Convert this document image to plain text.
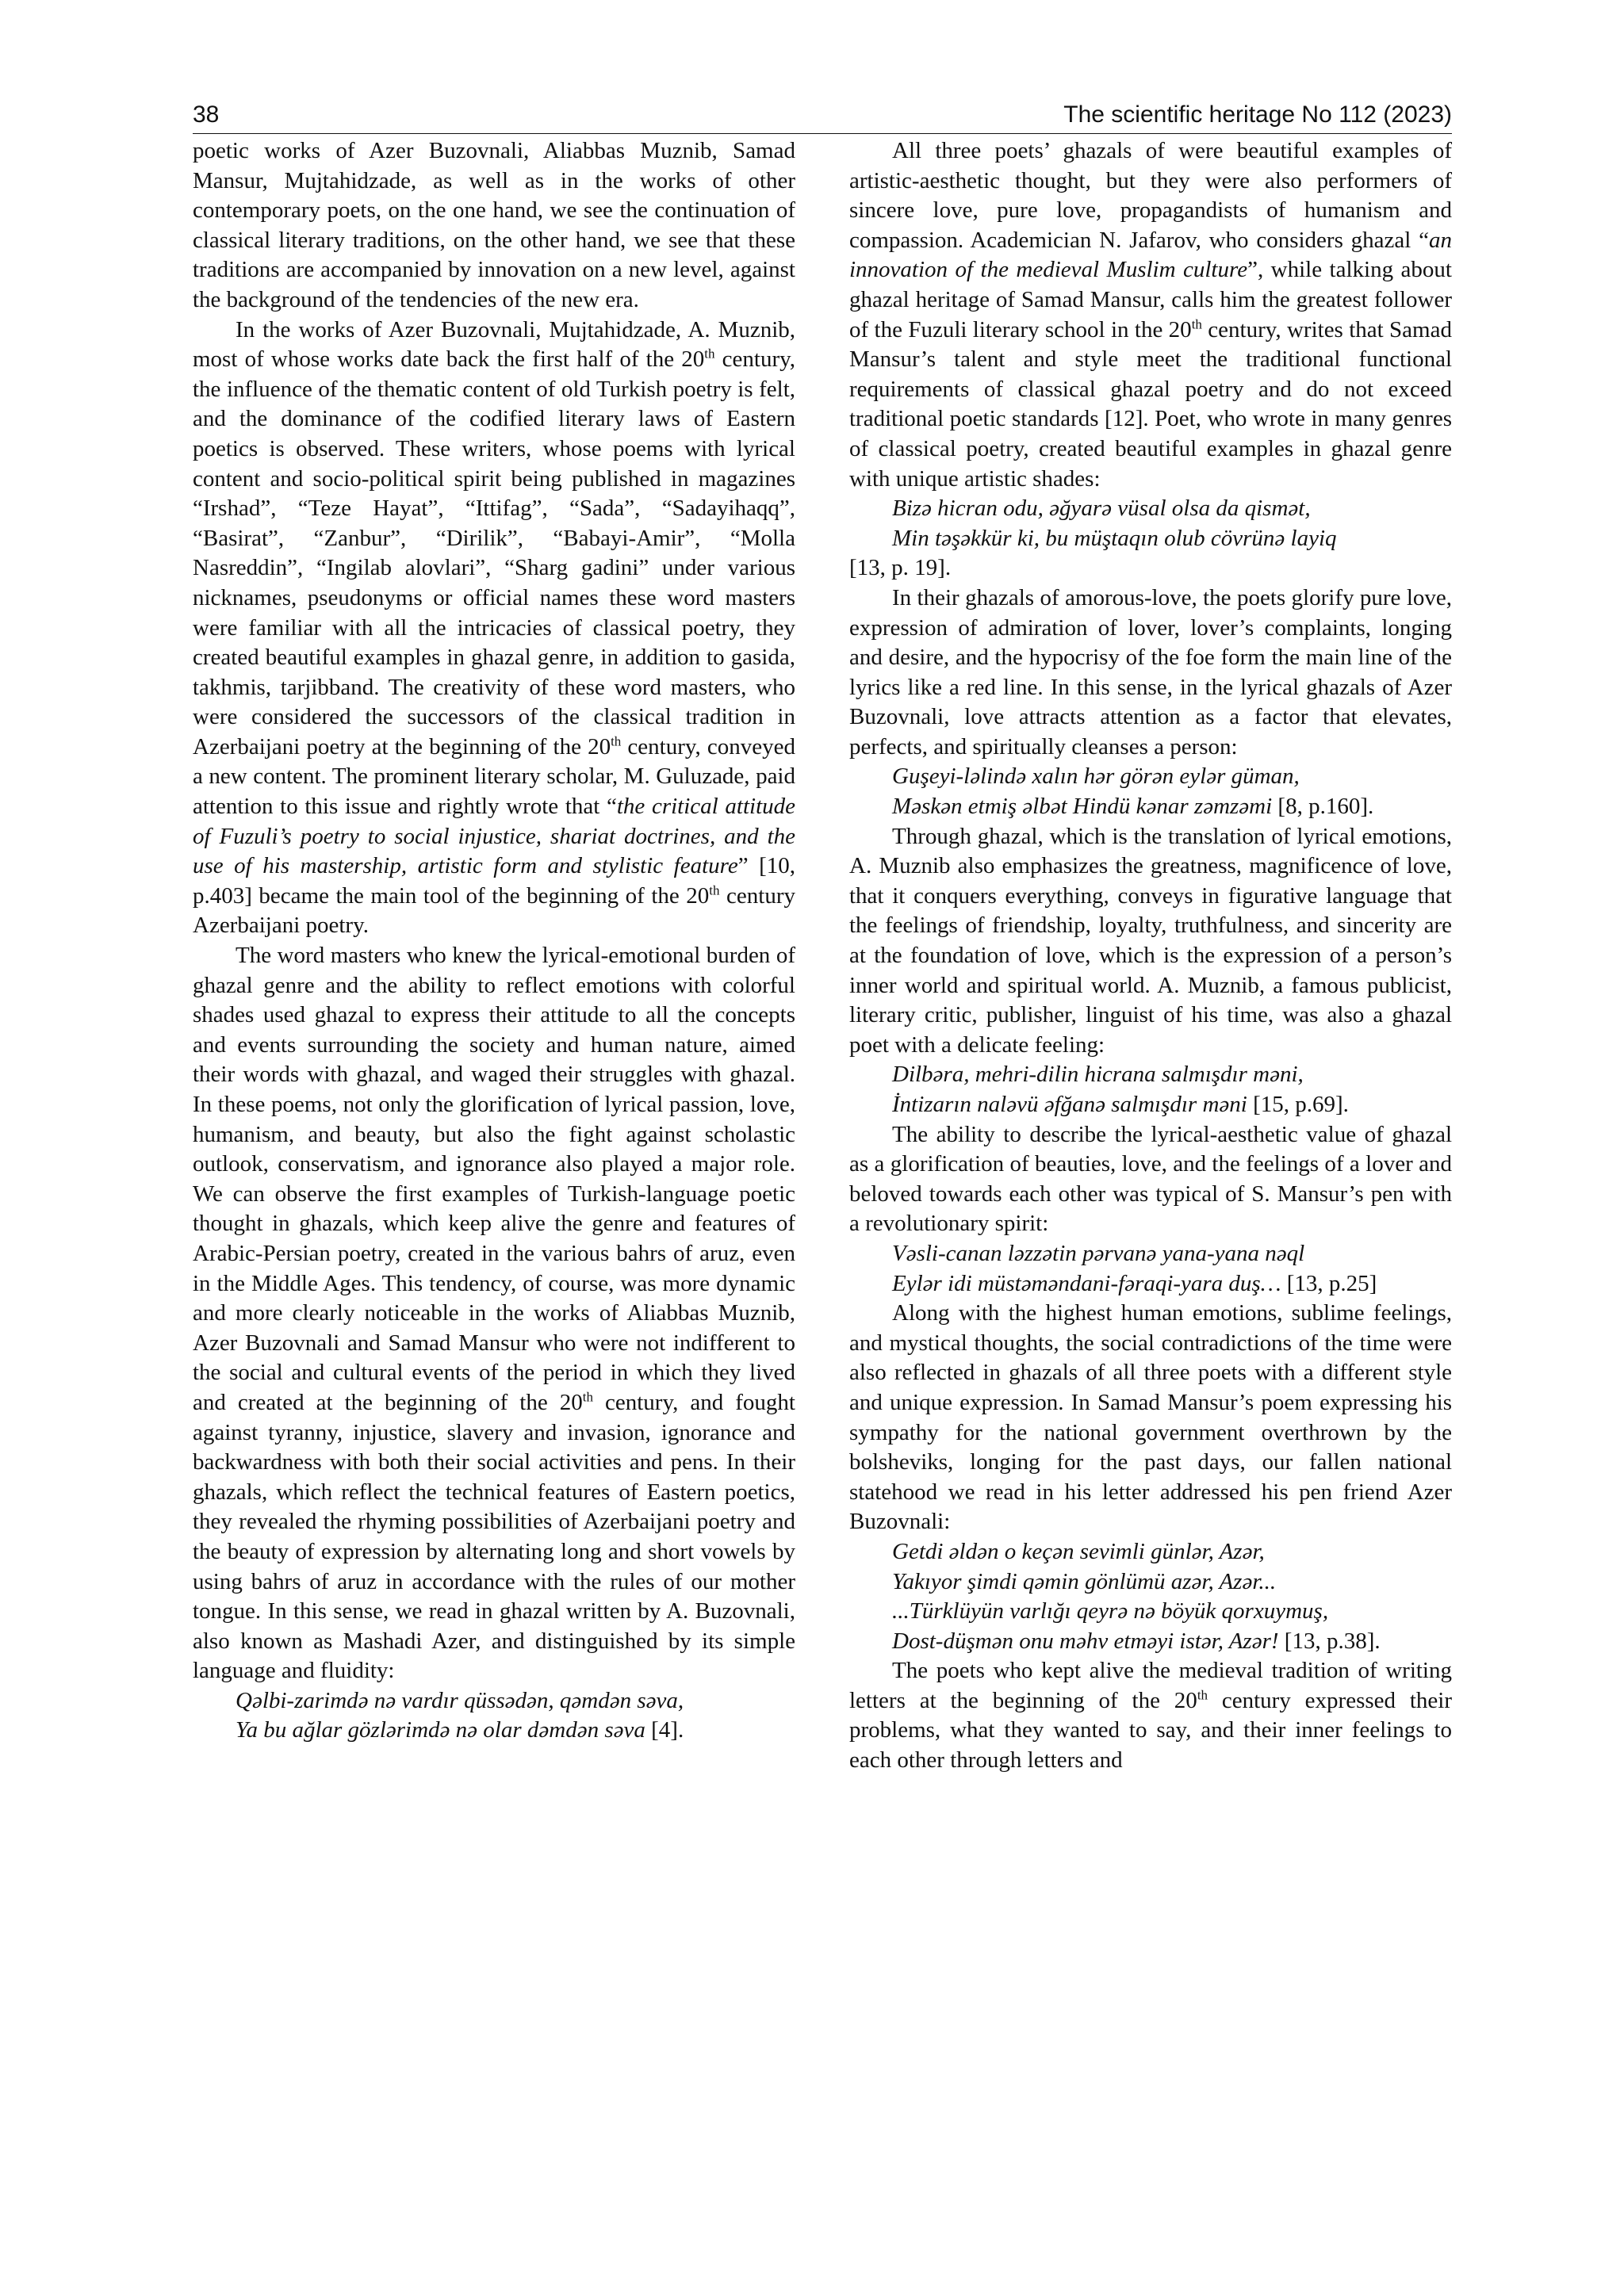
38	The scientific heritage No 112 (2023)

poetic works of Azer Buzovnali, Aliabbas Muznib, Samad Mansur, Mujtahidzade, as well as in the works of other contemporary poets, on the one hand, we see the continuation of classical literary traditions, on the other hand, we see that these traditions are accompanied by innovation on a new level, against the background of the tendencies of the new era.

In the works of Azer Buzovnali, Mujtahidzade, A. Muznib, most of whose works date back the first half of the 20th century, the influence of the thematic content of old Turkish poetry is felt, and the dominance of the codified literary laws of Eastern poetics is observed. These writers, whose poems with lyrical content and socio-political spirit being published in magazines “Irshad”, “Teze Hayat”, “Ittifag”, “Sada”, “Sadayihaqq”, “Basirat”, “Zanbur”, “Dirilik”, “Babayi-Amir”, “Molla Nasreddin”, “Ingilab alovlari”, “Sharg gadini” under various nicknames, pseudonyms or official names these word masters were familiar with all the intricacies of classical poetry, they created beautiful examples in ghazal genre, in addition to gasida, takhmis, tarjibband. The creativity of these word masters, who were considered the successors of the classical tradition in Azerbaijani poetry at the beginning of the 20th century, conveyed a new content. The prominent literary scholar, M. Guluzade, paid attention to this issue and rightly wrote that “the critical attitude of Fuzuli’s poetry to social injustice, shariat doctrines, and the use of his mastership, artistic form and stylistic feature” [10, p.403] became the main tool of the beginning of the 20th century Azerbaijani poetry.

The word masters who knew the lyrical-emotional burden of ghazal genre and the ability to reflect emotions with colorful shades used ghazal to express their attitude to all the concepts and events surrounding the society and human nature, aimed their words with ghazal, and waged their struggles with ghazal. In these poems, not only the glorification of lyrical passion, love, humanism, and beauty, but also the fight against scholastic outlook, conservatism, and ignorance also played a major role. We can observe the first examples of Turkish-language poetic thought in ghazals, which keep alive the genre and features of Arabic-Persian poetry, created in the various bahrs of aruz, even in the Middle Ages. This tendency, of course, was more dynamic and more clearly noticeable in the works of Aliabbas Muznib, Azer Buzovnali and Samad Mansur who were not indifferent to the social and cultural events of the period in which they lived and created at the beginning of the 20th century, and fought against tyranny, injustice, slavery and invasion, ignorance and backwardness with both their social activities and pens. In their ghazals, which reflect the technical features of Eastern poetics, they revealed the rhyming possibilities of Azerbaijani poetry and the beauty of expression by alternating long and short vowels by using bahrs of aruz in accordance with the rules of our mother tongue. In this sense, we read in ghazal written by A. Buzovnali, also known as Mashadi Azer, and distinguished by its simple language and fluidity:

Qəlbi-zarimdə nə vardır qüssədən, qəmdən səva,
Ya bu ağlar gözlərimdə nə olar dəmdən səva [4].

All three poets’ ghazals of were beautiful examples of artistic-aesthetic thought, but they were also performers of sincere love, pure love, propagandists of humanism and compassion. Academician N. Jafarov, who considers ghazal “an innovation of the medieval Muslim culture”, while talking about ghazal heritage of Samad Mansur, calls him the greatest follower of the Fuzuli literary school in the 20th century, writes that Samad Mansur’s talent and style meet the traditional functional requirements of classical ghazal poetry and do not exceed traditional poetic standards [12]. Poet, who wrote in many genres of classical poetry, created beautiful examples in ghazal genre with unique artistic shades:

Bizə hicran odu, əğyarə vüsal olsa da qismət,
Min təşəkkür ki, bu müştaqın olub cövrünə layiq

[13, p. 19].

In their ghazals of amorous-love, the poets glorify pure love, expression of admiration of lover, lover’s complaints, longing and desire, and the hypocrisy of the foe form the main line of the lyrics like a red line. In this sense, in the lyrical ghazals of Azer Buzovnali, love attracts attention as a factor that elevates, perfects, and spiritually cleanses a person:

Guşeyi-ləlində xalın hər görən eylər güman,
Məskən etmiş əlbət Hindü kənar zəmzəmi [8, p.160].

Through ghazal, which is the translation of lyrical emotions, A. Muznib also emphasizes the greatness, magnificence of love, that it conquers everything, conveys in figurative language that the feelings of friendship, loyalty, truthfulness, and sincerity are at the foundation of love, which is the expression of a person’s inner world and spiritual world. A. Muznib, a famous publicist, literary critic, publisher, linguist of his time, was also a ghazal poet with a delicate feeling:

Dilbəra, mehri-dilin hicrana salmışdır məni,
İntizarın naləvü əfğanə salmışdır məni [15, p.69].

The ability to describe the lyrical-aesthetic value of ghazal as a glorification of beauties, love, and the feelings of a lover and beloved towards each other was typical of S. Mansur’s pen with a revolutionary spirit:

Vəsli-canan ləzzətin pərvanə yana-yana nəql
Eylər idi müstəməndani-fəraqi-yara duş… [13, p.25]

Along with the highest human emotions, sublime feelings, and mystical thoughts, the social contradictions of the time were also reflected in ghazals of all three poets with a different style and unique expression. In Samad Mansur’s poem expressing his sympathy for the national government overthrown by the bolsheviks, longing for the past days, our fallen national statehood we read in his letter addressed his pen friend Azer Buzovnali:

Getdi əldən o keçən sevimli günlər, Azər,
Yakıyor şimdi qəmin gönlümü azər, Azər...
...Türklüyün varlığı qeyrə nə böyük qorxuymuş,
Dost-düşmən onu məhv etməyi istər, Azər! [13, p.38].

The poets who kept alive the medieval tradition of writing letters at the beginning of the 20th century expressed their problems, what they wanted to say, and their inner feelings to each other through letters and
